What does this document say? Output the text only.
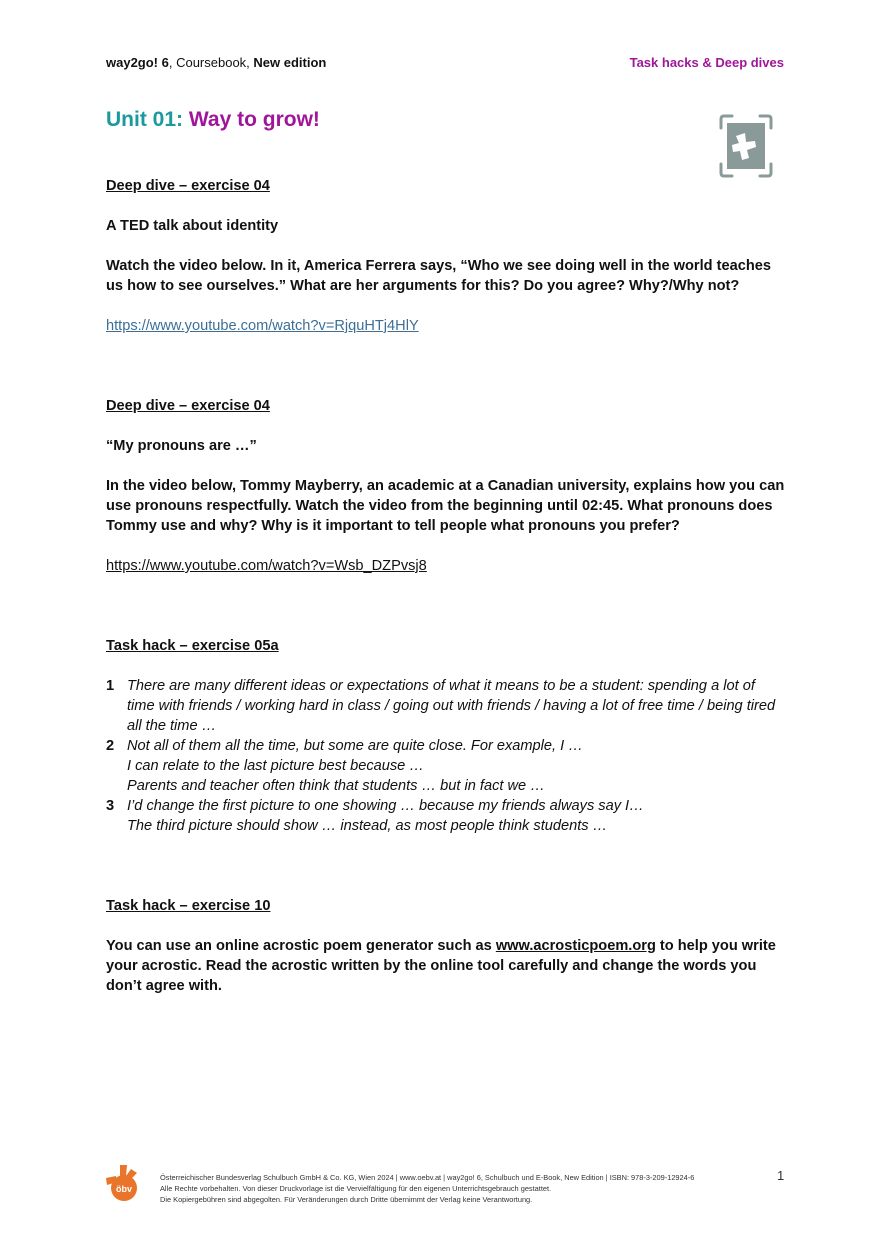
way2go! 6, Coursebook, New edition	Task hacks & Deep dives
Unit 01: Way to grow!

Deep dive – exercise 04

A TED talk about identity

Watch the video below. In it, America Ferrera says, “Who we see doing well in the world teaches us how to see ourselves.” What are her arguments for this? Do you agree? Why?/Why not?

https://www.youtube.com/watch?v=RjquHTj4HlY

Deep dive – exercise 04

“My pronouns are …”

In the video below, Tommy Mayberry, an academic at a Canadian university, explains how you can use pronouns respectfully. Watch the video from the beginning until 02:45. What pronouns does Tommy use and why? Why is it important to tell people what pronouns you prefer?

https://www.youtube.com/watch?v=Wsb_DZPvsj8

Task hack – exercise 05a

1 There are many different ideas or expectations of what it means to be a student: spending a lot of time with friends / working hard in class / going out with friends / having a lot of free time / being tired all the time …
2 Not all of them all the time, but some are quite close. For example, I …
I can relate to the last picture best because …
Parents and teacher often think that students … but in fact we …
3 I’d change the first picture to one showing … because my friends always say I…
The third picture should show … instead, as most people think students …

Task hack – exercise 10

You can use an online acrostic poem generator such as www.acrosticpoem.org to help you write your acrostic. Read the acrostic written by the online tool carefully and change the words you don’t agree with.

öbv
Österreichischer Bundesverlag Schulbuch GmbH & Co. KG, Wien 2024 | www.oebv.at | way2go! 6, Schulbuch und E-Book, New Edition | ISBN: 978-3-209-12924-6
Alle Rechte vorbehalten. Von dieser Druckvorlage ist die Vervielfältigung für den eigenen Unterrichtsgebrauch gestattet.
Die Kopiergebühren sind abgegolten. Für Veränderungen durch Dritte übernimmt der Verlag keine Verantwortung.
1
